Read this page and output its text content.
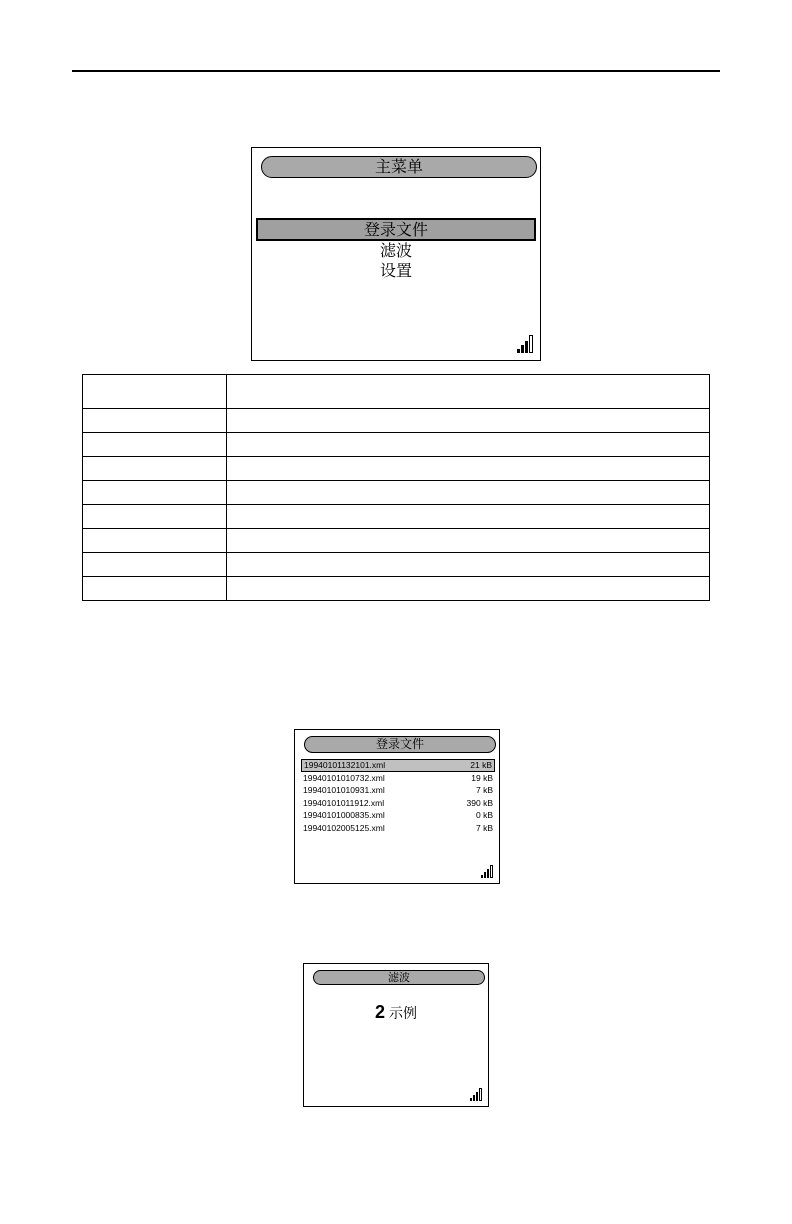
主菜单
登录文件
滤波
设置

登录文件
19940101132101.xml	21 kB
19940101010732.xml	19 kB
19940101010931.xml	7 kB
19940101011912.xml	390 kB
19940101000835.xml	0 kB
19940102005125.xml	7 kB
滤波
2 示例
